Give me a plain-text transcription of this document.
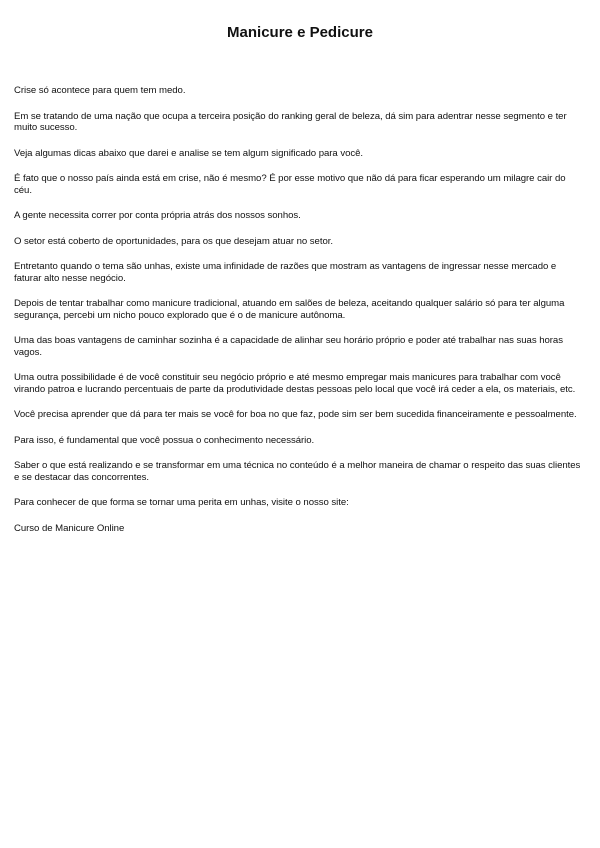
Manicure e Pedicure

Crise só acontece para quem tem medo.

Em se tratando de uma nação que ocupa a terceira posição do ranking geral de beleza, dá sim para adentrar nesse segmento e ter muito sucesso.

Veja algumas dicas abaixo que darei e analise se tem algum significado para você.

É fato que o nosso país ainda está em crise, não é mesmo? É por esse motivo que não dá para ficar esperando um milagre cair do céu.

A gente necessita correr por conta própria atrás dos nossos sonhos.

O setor está coberto de oportunidades, para os que desejam atuar no setor.

Entretanto quando o tema são unhas, existe uma infinidade de razões que mostram as vantagens de ingressar nesse mercado e faturar alto nesse negócio.

Depois de tentar trabalhar como manicure tradicional, atuando em salões de beleza, aceitando qualquer salário só para ter alguma segurança, percebi um nicho pouco explorado que é o de manicure autônoma.

Uma das boas vantagens de caminhar sozinha é a capacidade de alinhar seu horário próprio e poder até trabalhar nas suas horas vagos.

Uma outra possibilidade é de você constituir seu negócio próprio e até mesmo empregar mais manicures para trabalhar com você virando patroa e lucrando percentuais de parte da produtividade destas pessoas pelo local que você irá ceder a ela, os materiais, etc.

Você precisa aprender que dá para ter mais se você for boa no que faz, pode sim ser bem sucedida financeiramente e pessoalmente.

Para isso, é fundamental que você possua o conhecimento necessário.

Saber o que está realizando e se transformar em uma técnica no conteúdo é a melhor maneira de chamar o respeito das suas clientes e se destacar das concorrentes.

Para conhecer de que forma se tornar uma perita em unhas, visite o nosso site:

Curso de Manicure Online
